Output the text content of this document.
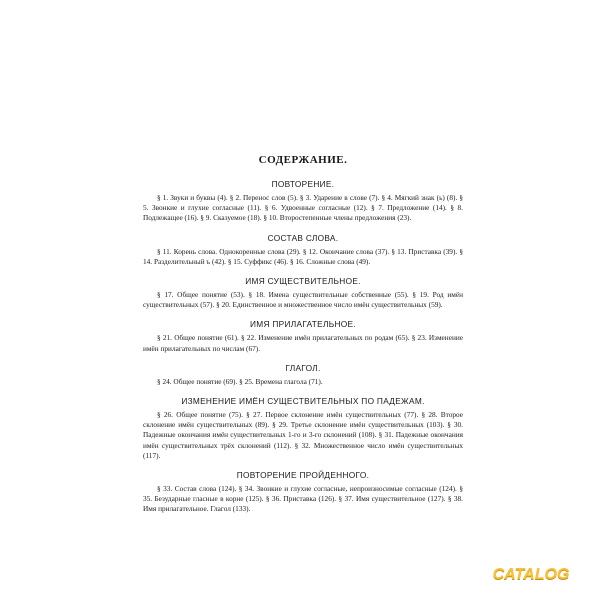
СОДЕРЖАНИЕ.
ПОВТОРЕНИЕ.

§ 1. Звуки и буквы (4). § 2. Перенос слов (5). § 3. Ударение в слове (7). § 4. Мягкий знак (ь) (8). § 5. Звонкие и глухие согласные (11). § 6. Удвоенные согласные (12). § 7. Предложение (14). § 8. Подлежащее (16). § 9. Сказуемое (18). § 10. Второстепенные члены предложения (23).

СОСТАВ СЛОВА.

§ 11. Корень слова. Однокоренные слова (29). § 12. Окончание слова (37). § 13. Приставка (39). § 14. Разделительный ъ (42). § 15. Суффикс (46). § 16. Сложные слова (49).

ИМЯ СУЩЕСТВИТЕЛЬНОЕ.

§ 17. Общее понятие (53). § 18. Имена существительные собственные (55). § 19. Род имён существительных (57). § 20. Единственное и множественное число имён существительных (59).

ИМЯ ПРИЛАГАТЕЛЬНОЕ.

§ 21. Общее понятие (61). § 22. Изменение имён прилагательных по родам (65). § 23. Изменение имён прилагательных по числам (67).

ГЛАГОЛ.

§ 24. Общее понятие (69). § 25. Времена глагола (71).

ИЗМЕНЕНИЕ ИМЁН СУЩЕСТВИТЕЛЬНЫХ ПО ПАДЕЖАМ.

§ 26. Общее понятие (75). § 27. Первое склонение имён существительных (77). § 28. Второе склонение имён существительных (89). § 29. Третье склонение имён существительных (103). § 30. Падежные окончания имён существительных 1-го и 3-го склонений (108). § 31. Падежные окончания имён существительных трёх склонений (112). § 32. Множественное число имён существительных (117).

ПОВТОРЕНИЕ ПРОЙДЕННОГО.

§ 33. Состав слова (124). § 34. Звонкие и глухие согласные, непроизносимые согласные (124). § 35. Безударные гласные в корне (125). § 36. Приставка (126). § 37. Имя существительное (127). § 38. Имя прилагательное. Глагол (133).

CATALOG
